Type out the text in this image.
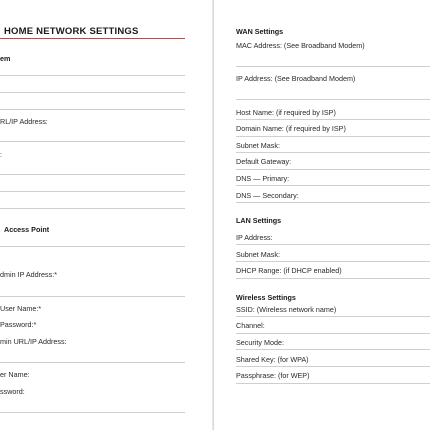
HOME NETWORK SETTINGS
em
RL/IP Address:
:
Access Point
dmin IP Address:*
User Name:*
Password:*
min URL/IP Address:
er Name:
ssword:
WAN Settings
MAC Address: (See Broadband Modem)
IP Address: (See Broadband Modem)
Host Name: (if required by ISP)
Domain Name: (if required by ISP)
Subnet Mask:
Default Gateway:
DNS — Primary:
DNS — Secondary:
LAN Settings
IP Address:
Subnet Mask:
DHCP Range: (if DHCP enabled)
Wireless Settings
SSID: (Wireless network name)
Channel:
Security Mode:
Shared Key: (for WPA)
Passphrase: (for WEP)
